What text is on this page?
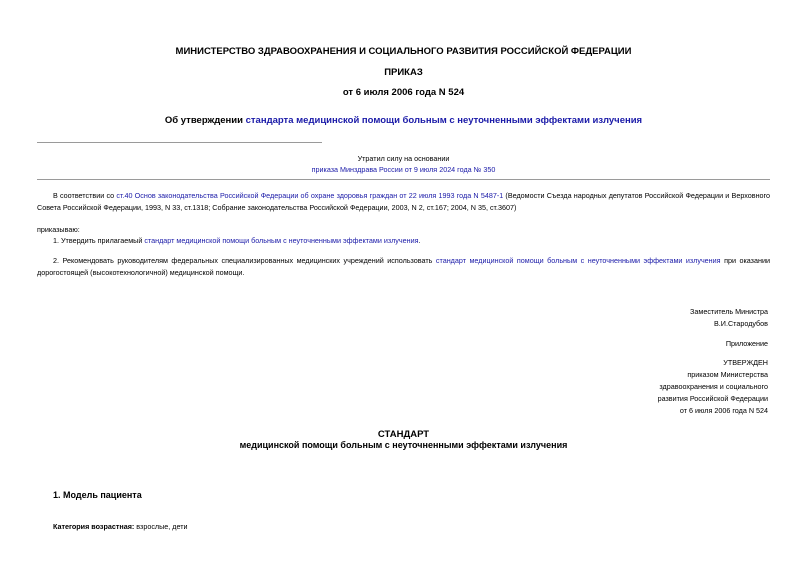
МИНИСТЕРСТВО ЗДРАВООХРАНЕНИЯ И СОЦИАЛЬНОГО РАЗВИТИЯ РОССИЙСКОЙ ФЕДЕРАЦИИ
ПРИКАЗ
от 6 июля 2006 года N 524
Об утверждении стандарта медицинской помощи больным с неуточненными эффектами излучения
Утратил силу на основании
приказа Минздрава России от 9 июля 2024 года № 350
В соответствии со ст.40 Основ законодательства Российской Федерации об охране здоровья граждан от 22 июля 1993 года N 5487-1 (Ведомости Съезда народных депутатов Российской Федерации и Верховного Совета Российской Федерации, 1993, N 33, ст.1318; Собрание законодательства Российской Федерации, 2003, N 2, ст.167; 2004, N 35, ст.3607)
приказываю:
1. Утвердить прилагаемый стандарт медицинской помощи больным с неуточненными эффектами излучения.
2. Рекомендовать руководителям федеральных специализированных медицинских учреждений использовать стандарт медицинской помощи больным с неуточненными эффектами излучения при оказании дорогостоящей (высокотехнологичной) медицинской помощи.
Заместитель Министра
В.И.Стародубов
Приложение
УТВЕРЖДЕН
приказом Министерства
здравоохранения и социального
развития Российской Федерации
от 6 июля 2006 года N 524
СТАНДАРТ
медицинской помощи больным с неуточненными эффектами излучения
1. Модель пациента
Категория возрастная: взрослые, дети
